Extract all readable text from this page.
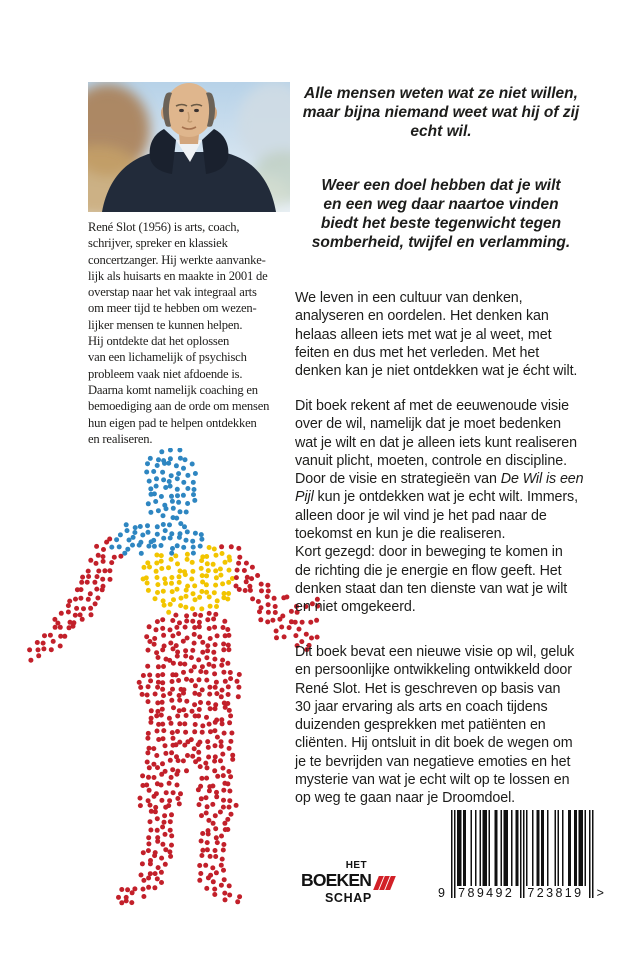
René Slot (1956) is arts, coach,
schrijver, spreker en klassiek
concertzanger. Hij werkte aanvanke-
lijk als huisarts en maakte in 2001 de
overstap naar het vak integraal arts
om meer tijd te hebben om wezen-
lijker mensen te kunnen helpen.
Hij ontdekte dat het oplossen
van een lichamelijk of psychisch
probleem vaak niet afdoende is.
Daarna komt namelijk coaching en
bemoediging aan de orde om mensen
hun eigen pad te helpen ontdekken
en realiseren.
Alle mensen weten wat ze niet willen,
maar bijna niemand weet wat hij of zij
echt wil.
Weer een doel hebben dat je wilt
en een weg daar naartoe vinden
biedt het beste tegenwicht tegen
somberheid, twijfel en verlamming.
We leven in een cultuur van denken,
analyseren en oordelen. Het denken kan
helaas alleen iets met wat je al weet, met
feiten en dus met het verleden. Met het
denken kan je niet ontdekken wat je écht wilt.
Dit boek rekent af met de eeuwenoude visie
over de wil, namelijk dat je moet bedenken
wat je wilt en dat je alleen iets kunt realiseren
vanuit plicht, moeten, controle en discipline.
Door de visie en strategieën van De Wil is een
Pijl kun je ontdekken wat je echt wilt. Immers,
alleen door je wil vind je het pad naar de
toekomst en kun je die realiseren.
Kort gezegd: door in beweging te komen in
de richting die je energie en flow geeft. Het
denken staat dan ten dienste van wat je wilt
en niet omgekeerd.
Dit boek bevat een nieuwe visie op wil, geluk
en persoonlijke ontwikkeling ontwikkeld door
René Slot. Het is geschreven op basis van
30 jaar ervaring als arts en coach tijdens
duizenden gesprekken met patiënten en
cliënten. Hij ontsluit in dit boek de wegen om
je te bevrijden van negatieve emoties en het
mysterie van wat je echt wilt op te lossen en
op weg te gaan naar je Droomdoel.
HET
BOEKEN
SCHAP	9 789492 723819 >
